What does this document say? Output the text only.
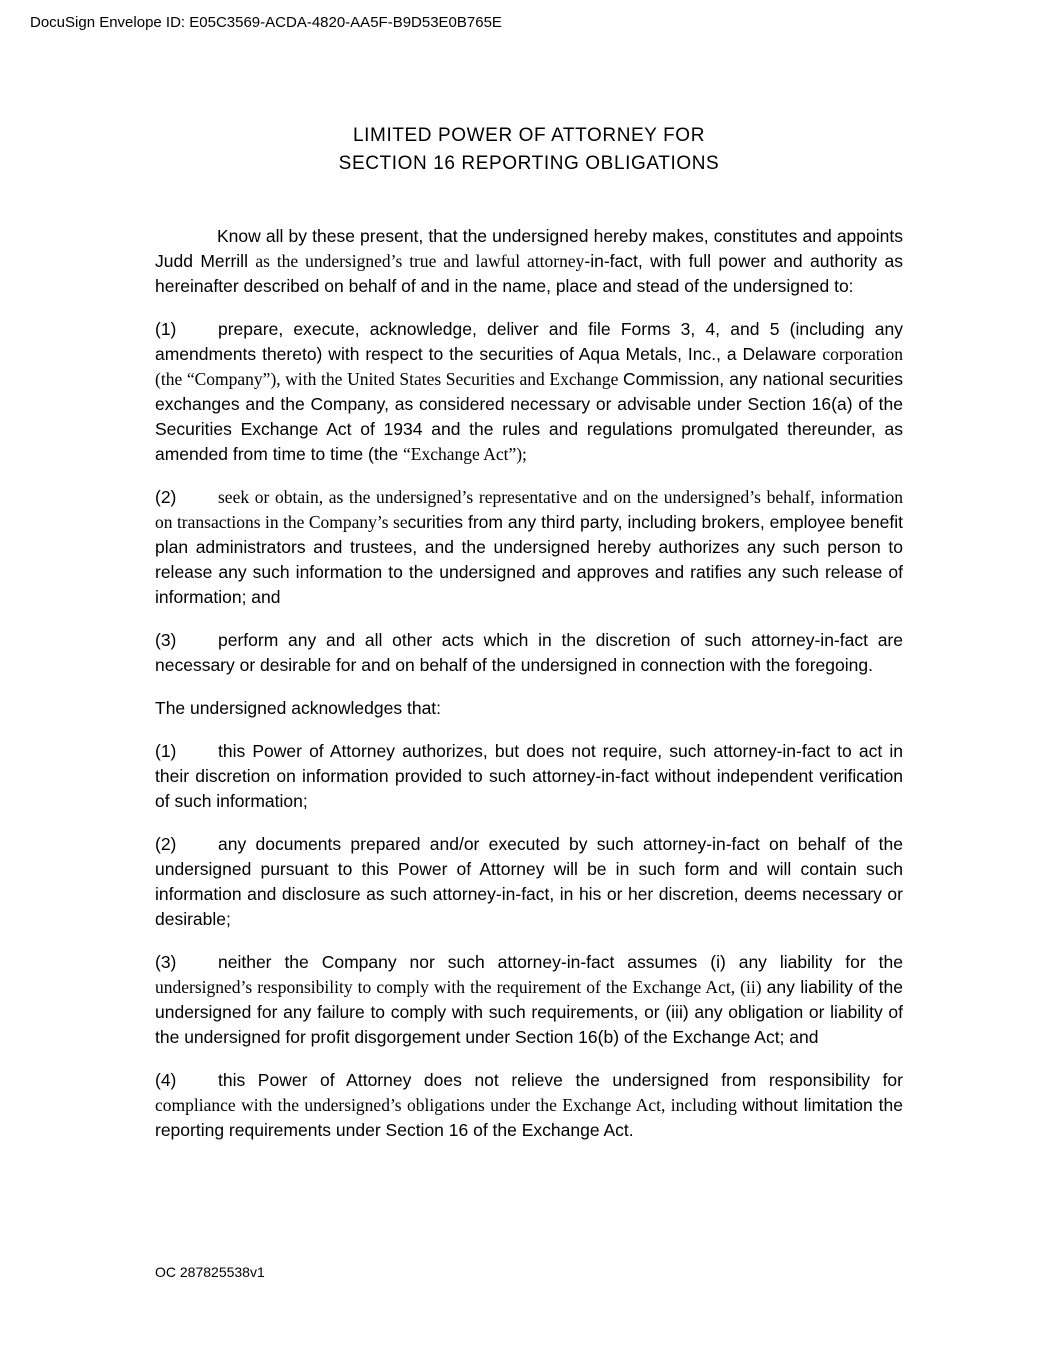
DocuSign Envelope ID: E05C3569-ACDA-4820-AA5F-B9D53E0B765E
LIMITED POWER OF ATTORNEY FOR
SECTION 16 REPORTING OBLIGATIONS

Know all by these present, that the undersigned hereby makes, constitutes and appoints Judd Merrill as the undersigned’s true and lawful attorney-in-fact, with full power and authority as hereinafter described on behalf of and in the name, place and stead of the undersigned to:

(1) prepare, execute, acknowledge, deliver and file Forms 3, 4, and 5 (including any amendments thereto) with respect to the securities of Aqua Metals, Inc., a Delaware corporation (the “Company”), with the United States Securities and Exchange Commission, any national securities exchanges and the Company, as considered necessary or advisable under Section 16(a) of the Securities Exchange Act of 1934 and the rules and regulations promulgated thereunder, as amended from time to time (the “Exchange Act”);

(2) seek or obtain, as the undersigned’s representative and on the undersigned’s behalf, information on transactions in the Company’s securities from any third party, including brokers, employee benefit plan administrators and trustees, and the undersigned hereby authorizes any such person to release any such information to the undersigned and approves and ratifies any such release of information; and

(3) perform any and all other acts which in the discretion of such attorney-in-fact are necessary or desirable for and on behalf of the undersigned in connection with the foregoing.

The undersigned acknowledges that:

(1) this Power of Attorney authorizes, but does not require, such attorney-in-fact to act in their discretion on information provided to such attorney-in-fact without independent verification of such information;

(2) any documents prepared and/or executed by such attorney-in-fact on behalf of the undersigned pursuant to this Power of Attorney will be in such form and will contain such information and disclosure as such attorney-in-fact, in his or her discretion, deems necessary or desirable;

(3) neither the Company nor such attorney-in-fact assumes (i) any liability for the undersigned’s responsibility to comply with the requirement of the Exchange Act, (ii) any liability of the undersigned for any failure to comply with such requirements, or (iii) any obligation or liability of the undersigned for profit disgorgement under Section 16(b) of the Exchange Act; and

(4) this Power of Attorney does not relieve the undersigned from responsibility for compliance with the undersigned’s obligations under the Exchange Act, including without limitation the reporting requirements under Section 16 of the Exchange Act.

OC 287825538v1
